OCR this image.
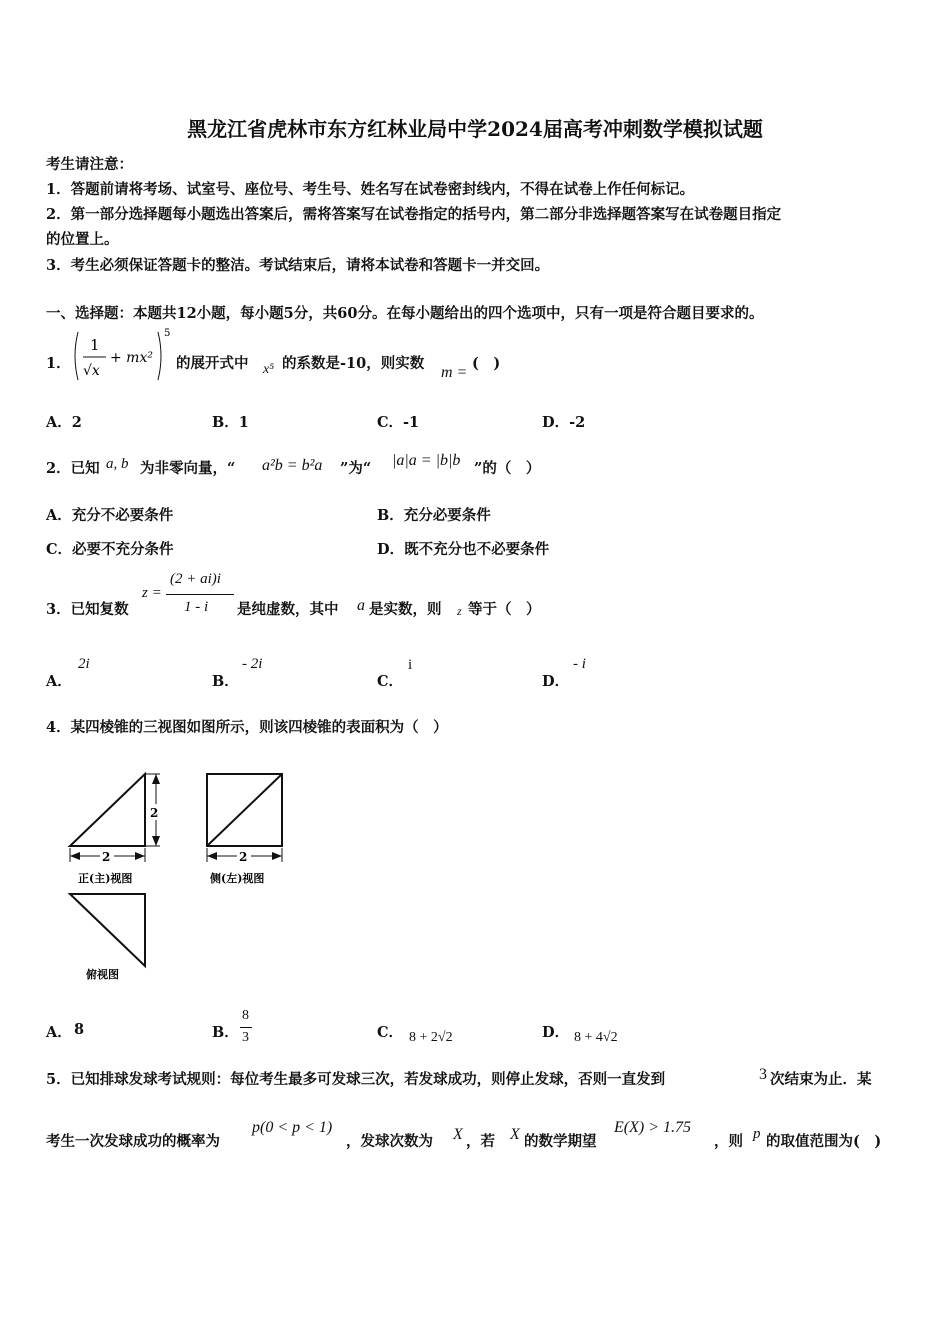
黑龙江省虎林市东方红林业局中学2024届高考冲刺数学模拟试题
考生请注意：
1．答题前请将考场、试室号、座位号、考生号、姓名写在试卷密封线内，不得在试卷上作任何标记。
2．第一部分选择题每小题选出答案后，需将答案写在试卷指定的括号内，第二部分非选择题答案写在试卷题目指定
的位置上。
3．考生必须保证答题卡的整洁。考试结束后，请将本试卷和答题卡一并交回。
一、选择题：本题共12小题，每小题5分，共60分。在每小题给出的四个选项中，只有一项是符合题目要求的。
1．
1
√x
+ mx²
5
的展开式中 x⁵ 的系数是-10，则实数
m =
(　)
A．2	B．1	C．-1	D．-2
2．已知 a, b 为非零向量，“ a²b = b²a ”为“ |a|a = |b|b ”的（　）
A．充分不必要条件	B．充分必要条件
C．必要不充分条件	D．既不充分也不必要条件
3．已知复数
z =
(2 + ai)i
1 - i 是纯虚数，其中 a 是实数，则 z 等于（　）
A．
2i
B．
- 2i
C．
i
D．
- i
4．某四棱锥的三视图如图所示，则该四棱锥的表面积为（　）
2
2
正(主)视图
2
侧(左)视图
俯视图
A． 8	B．
8
3	C． 8 + 2√2	D． 8 + 4√2
5．已知排球发球考试规则：每位考生最多可发球三次，若发球成功，则停止发球，否则一直发到	3 次结束为止．某
考生一次发球成功的概率为
p(0 < p < 1)
，发球次数为 X ，若 X 的数学期望
E(X) > 1.75
，则 p 的取值范围为(　)
